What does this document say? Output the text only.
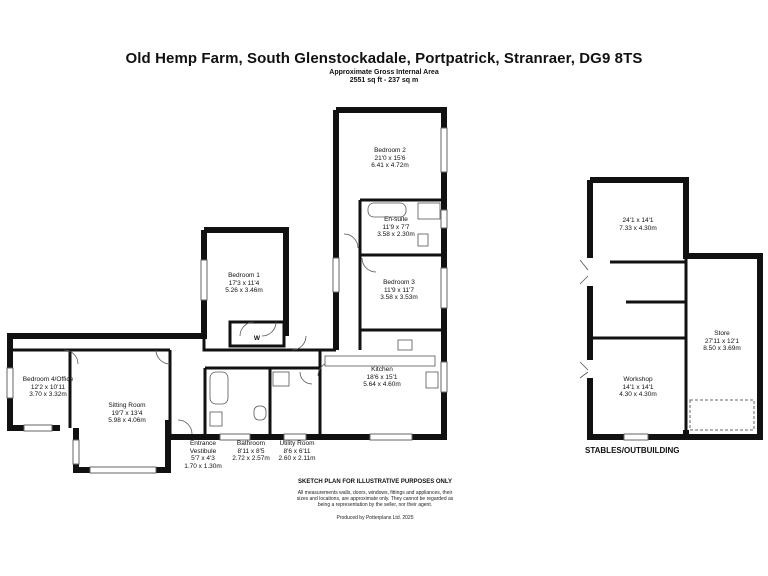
Old Hemp Farm, South Glenstockadale, Portpatrick, Stranraer, DG9 8TS
Approximate Gross Internal Area
2551 sq ft - 237 sq m
Bedroom 2
21'0 x 15'6
6.41 x 4.72m
En-suite
11'9 x 7'7
3.58 x 2.30m
Bedroom 3
11'9 x 11'7
3.58 x 3.53m
Bedroom 1
17'3 x 11'4
5.26 x 3.46m
W
Bedroom 4/Office
12'2 x 10'11
3.70 x 3.32m
Sitting Room
19'7 x 13'4
5.98 x 4.06m
Kitchen
18'6 x 15'1
5.64 x 4.60m
Entrance
Vestibule
5'7 x 4'3
1.70 x 1.30m
Bathroom
8'11 x 8'5
2.72 x 2.57m
Utility Room
8'6 x 6'11
2.60 x 2.11m
24'1 x 14'1
7.33 x 4.30m
Store
27'11 x 12'1
8.50 x 3.69m
Workshop
14'1 x 14'1
4.30 x 4.30m
STABLES/OUTBUILDING
SKETCH PLAN FOR ILLUSTRATIVE PURPOSES ONLY
All measurements walls, doors, windows, fittings and appliances, their
sizes and locations, are approximate only. They cannot be regarded as
being a representation by the seller, nor their agent.
Produced by Potterplans Ltd. 2025
